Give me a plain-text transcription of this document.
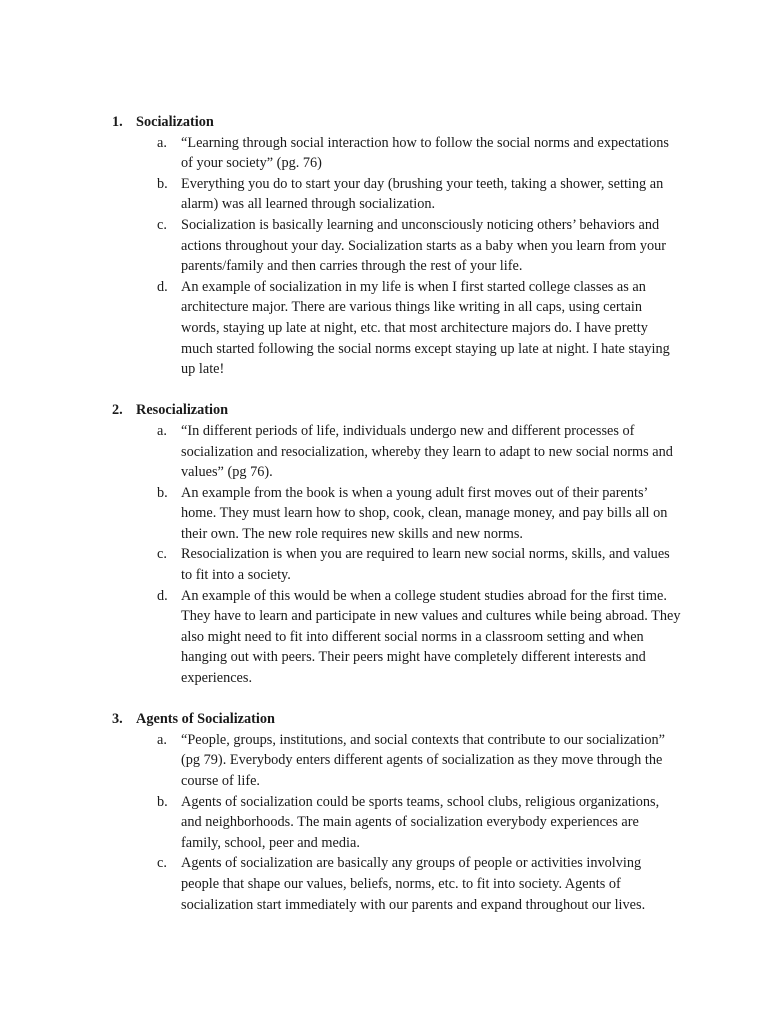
1. Socialization
a. “Learning through social interaction how to follow the social norms and expectations of your society” (pg. 76)
b. Everything you do to start your day (brushing your teeth, taking a shower, setting an alarm) was all learned through socialization.
c. Socialization is basically learning and unconsciously noticing others’ behaviors and actions throughout your day. Socialization starts as a baby when you learn from your parents/family and then carries through the rest of your life.
d. An example of socialization in my life is when I first started college classes as an architecture major. There are various things like writing in all caps, using certain words, staying up late at night, etc. that most architecture majors do. I have pretty much started following the social norms except staying up late at night. I hate staying up late!
2. Resocialization
a. “In different periods of life, individuals undergo new and different processes of socialization and resocialization, whereby they learn to adapt to new social norms and values” (pg 76).
b. An example from the book is when a young adult first moves out of their parents’ home. They must learn how to shop, cook, clean, manage money, and pay bills all on their own. The new role requires new skills and new norms.
c. Resocialization is when you are required to learn new social norms, skills, and values to fit into a society.
d. An example of this would be when a college student studies abroad for the first time. They have to learn and participate in new values and cultures while being abroad. They also might need to fit into different social norms in a classroom setting and when hanging out with peers. Their peers might have completely different interests and experiences.
3. Agents of Socialization
a. “People, groups, institutions, and social contexts that contribute to our socialization” (pg 79). Everybody enters different agents of socialization as they move through the course of life.
b. Agents of socialization could be sports teams, school clubs, religious organizations, and neighborhoods. The main agents of socialization everybody experiences are family, school, peer and media.
c. Agents of socialization are basically any groups of people or activities involving people that shape our values, beliefs, norms, etc. to fit into society. Agents of socialization start immediately with our parents and expand throughout our lives.
